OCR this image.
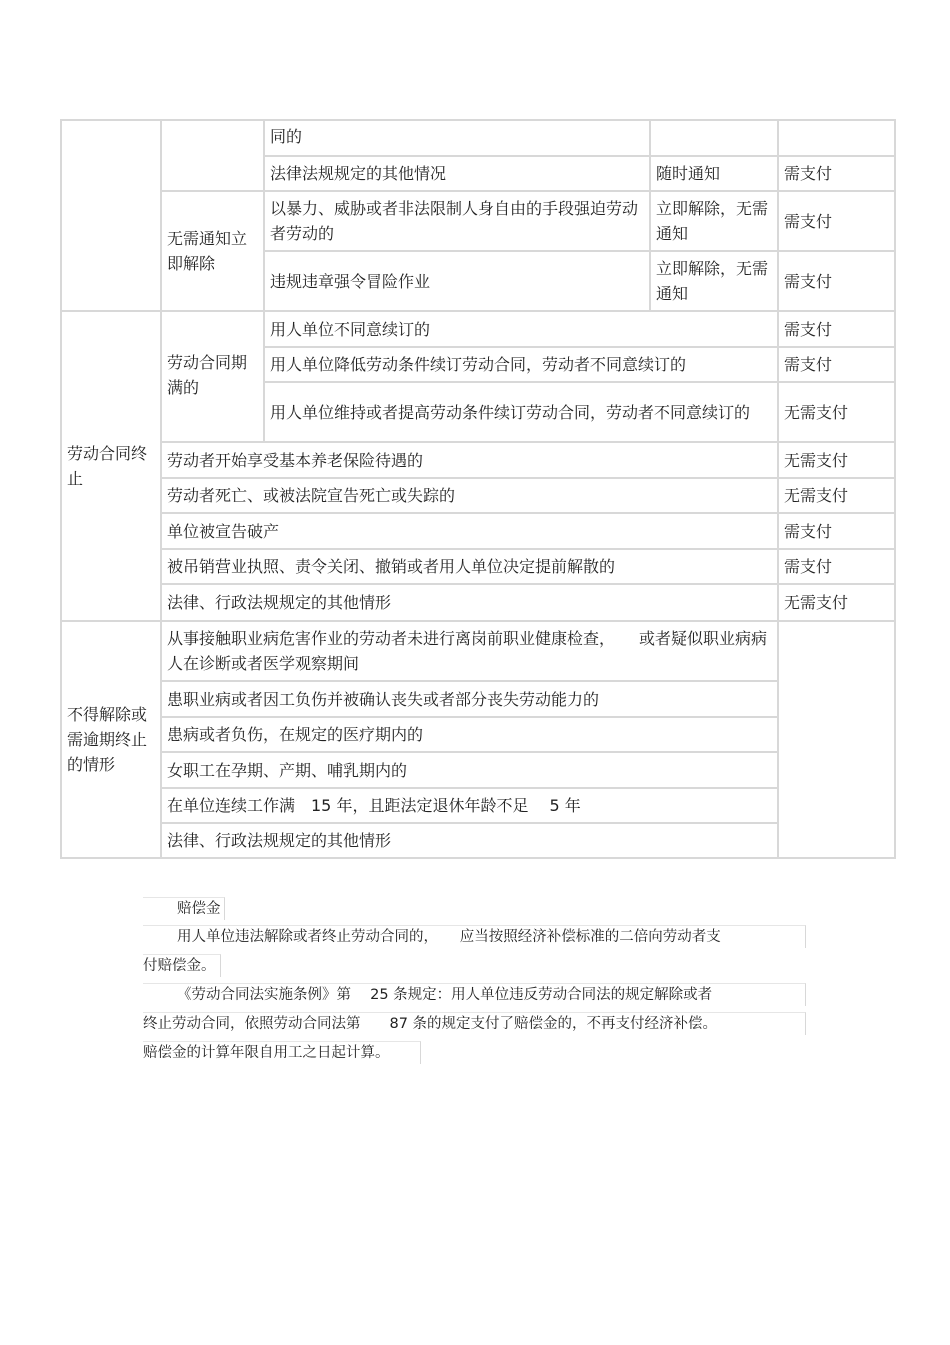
		同的		
		法律法规规定的其他情况	随时通知	需支付
	无需通知立即解除	以暴力、威胁或者非法限制人身自由的手段强迫劳动者劳动的	立即解除，无需通知	需支付
		违规违章强令冒险作业	立即解除，无需通知	需支付
劳动合同终止	劳动合同期满的	用人单位不同意续订的		需支付
		用人单位降低劳动条件续订劳动合同，劳动者不同意续订的		需支付
		用人单位维持或者提高劳动条件续订劳动合同，劳动者不同意续订的		无需支付
	劳动者开始享受基本养老保险待遇的			无需支付
	劳动者死亡、或被法院宣告死亡或失踪的			无需支付
	单位被宣告破产			需支付
	被吊销营业执照、责令关闭、撤销或者用人单位决定提前解散的			需支付
	法律、行政法规规定的其他情形			无需支付
不得解除或需逾期终止的情形	从事接触职业病危害作业的劳动者未进行离岗前职业健康检查，　　或者疑似职业病病人在诊断或者医学观察期间			
	患职业病或者因工负伤并被确认丧失或者部分丧失劳动能力的			
	患病或者负伤，在规定的医疗期内的			
	女职工在孕期、产期、哺乳期内的			
	在单位连续工作满　15 年，且距法定退休年龄不足　 5 年			
	法律、行政法规规定的其他情形			
赔偿金
用人单位违法解除或者终止劳动合同的，　　应当按照经济补偿标准的二倍向劳动者支
付赔偿金。
《劳动合同法实施条例》第　 25 条规定：用人单位违反劳动合同法的规定解除或者
终止劳动合同，依照劳动合同法第　　87 条的规定支付了赔偿金的，不再支付经济补偿。
赔偿金的计算年限自用工之日起计算。
